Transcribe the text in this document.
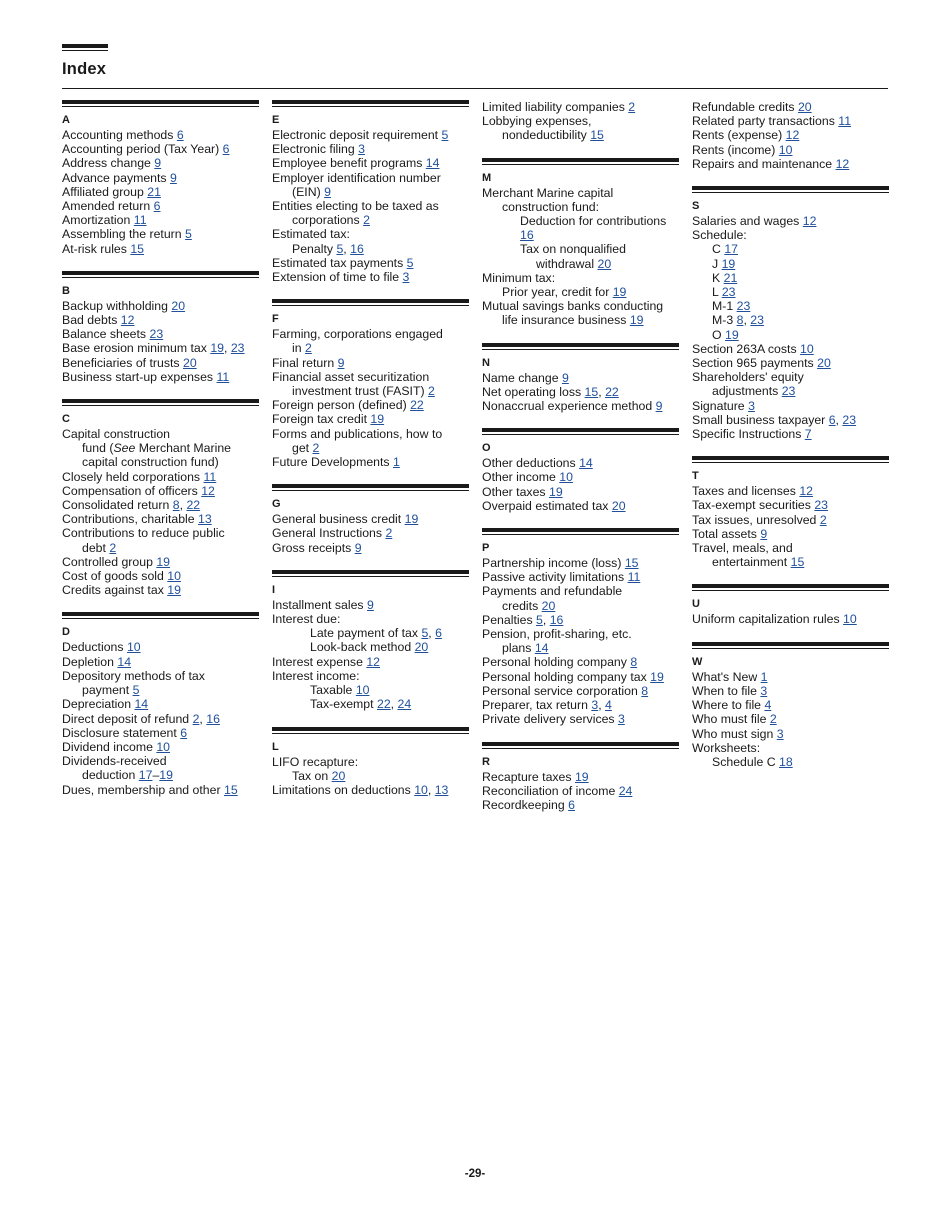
Index
A
Accounting methods 6
Accounting period (Tax Year) 6
Address change 9
Advance payments 9
Affiliated group 21
Amended return 6
Amortization 11
Assembling the return 5
At-risk rules 15
B
Backup withholding 20
Bad debts 12
Balance sheets 23
Base erosion minimum tax 19, 23
Beneficiaries of trusts 20
Business start-up expenses 11
C
Capital construction
fund (See Merchant Marine
capital construction fund)
Closely held corporations 11
Compensation of officers 12
Consolidated return 8, 22
Contributions, charitable 13
Contributions to reduce public
debt 2
Controlled group 19
Cost of goods sold 10
Credits against tax 19
D
Deductions 10
Depletion 14
Depository methods of tax
payment 5
Depreciation 14
Direct deposit of refund 2, 16
Disclosure statement 6
Dividend income 10
Dividends-received
deduction 17–19
Dues, membership and other 15
E
Electronic deposit requirement 5
Electronic filing 3
Employee benefit programs 14
Employer identification number
(EIN) 9
Entities electing to be taxed as
corporations 2
Estimated tax:
Penalty 5, 16
Estimated tax payments 5
Extension of time to file 3
F
Farming, corporations engaged
in 2
Final return 9
Financial asset securitization
investment trust (FASIT) 2
Foreign person (defined) 22
Foreign tax credit 19
Forms and publications, how to
get 2
Future Developments 1
G
General business credit 19
General Instructions 2
Gross receipts 9
I
Installment sales 9
Interest due:
Late payment of tax 5, 6
Look-back method 20
Interest expense 12
Interest income:
Taxable 10
Tax-exempt 22, 24
L
LIFO recapture:
Tax on 20
Limitations on deductions 10, 13
Limited liability companies 2
Lobbying expenses,
nondeductibility 15
M
Merchant Marine capital
construction fund:
Deduction for contributions 16
Tax on nonqualified
withdrawal 20
Minimum tax:
Prior year, credit for 19
Mutual savings banks conducting
life insurance business 19
N
Name change 9
Net operating loss 15, 22
Nonaccrual experience method 9
O
Other deductions 14
Other income 10
Other taxes 19
Overpaid estimated tax 20
P
Partnership income (loss) 15
Passive activity limitations 11
Payments and refundable
credits 20
Penalties 5, 16
Pension, profit-sharing, etc.
plans 14
Personal holding company 8
Personal holding company tax 19
Personal service corporation 8
Preparer, tax return 3, 4
Private delivery services 3
R
Recapture taxes 19
Reconciliation of income 24
Recordkeeping 6
Refundable credits 20
Related party transactions 11
Rents (expense) 12
Rents (income) 10
Repairs and maintenance 12
S
Salaries and wages 12
Schedule:
C 17
J 19
K 21
L 23
M-1 23
M-3 8, 23
O 19
Section 263A costs 10
Section 965 payments 20
Shareholders' equity
adjustments 23
Signature 3
Small business taxpayer 6, 23
Specific Instructions 7
T
Taxes and licenses 12
Tax-exempt securities 23
Tax issues, unresolved 2
Total assets 9
Travel, meals, and
entertainment 15
U
Uniform capitalization rules 10
W
What's New 1
When to file 3
Where to file 4
Who must file 2
Who must sign 3
Worksheets:
Schedule C 18
-29-
